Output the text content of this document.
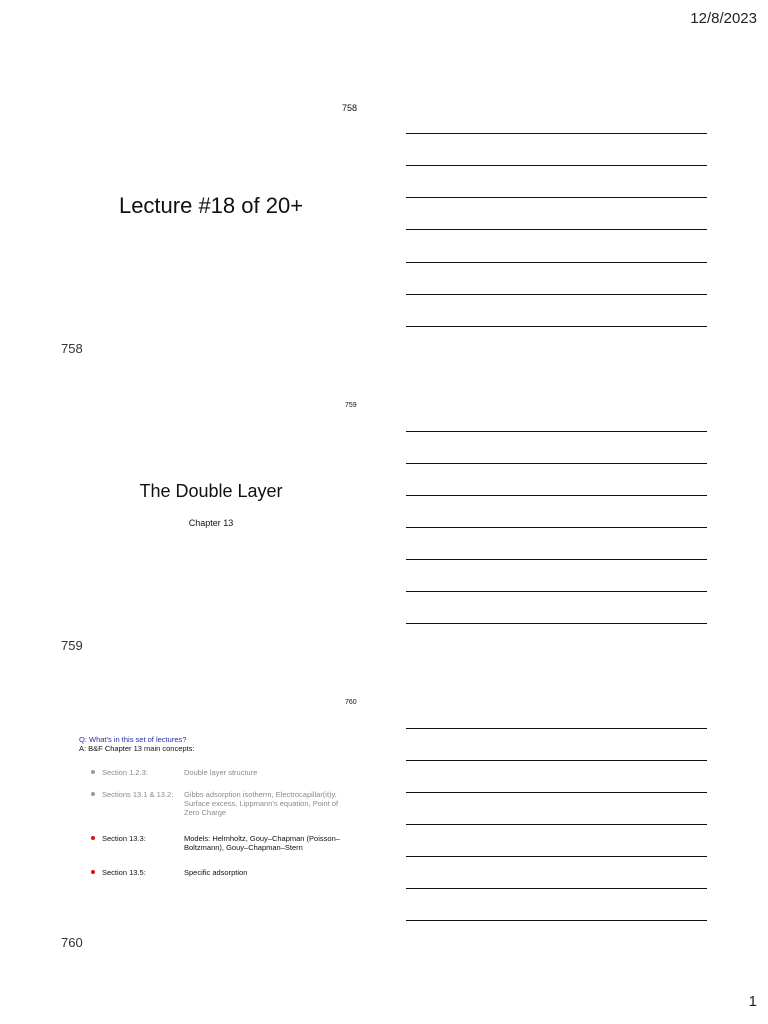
12/8/2023
758
Lecture #18 of 20+
758
759
The Double Layer
Chapter 13
759
760
Q: What’s in this set of lectures?
A: B&F Chapter 13 main concepts:
Section 1.2.3:	Double layer structure
Sections 13.1 & 13.2:	Gibbs adsorption isotherm, Electrocapillar(it)y, Surface excess, Lippmann’s equation, Point of Zero Charge
Section 13.3:	Models: Helmholtz, Gouy–Chapman (Poisson–Boltzmann), Gouy–Chapman–Stern
Section 13.5:	Specific adsorption
760
1
